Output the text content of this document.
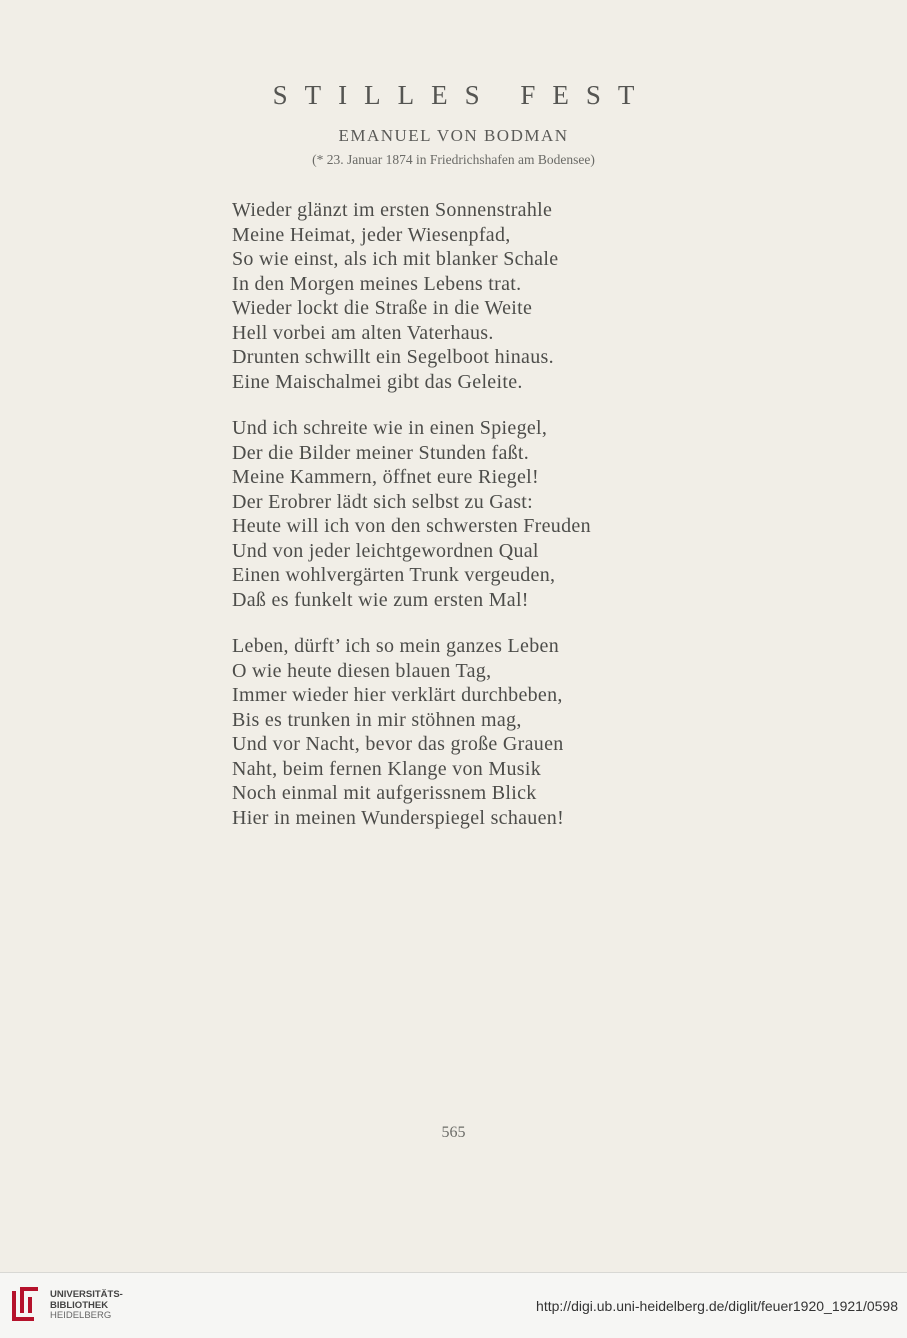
STILLES FEST
EMANUEL VON BODMAN
(* 23. Januar 1874 in Friedrichshafen am Bodensee)
Wieder glänzt im ersten Sonnenstrahle
Meine Heimat, jeder Wiesenpfad,
So wie einst, als ich mit blanker Schale
In den Morgen meines Lebens trat.
Wieder lockt die Straße in die Weite
Hell vorbei am alten Vaterhaus.
Drunten schwillt ein Segelboot hinaus.
Eine Maischalmei gibt das Geleite.
Und ich schreite wie in einen Spiegel,
Der die Bilder meiner Stunden faßt.
Meine Kammern, öffnet eure Riegel!
Der Erobrer lädt sich selbst zu Gast:
Heute will ich von den schwersten Freuden
Und von jeder leichtgewordnen Qual
Einen wohlvergärten Trunk vergeuden,
Daß es funkelt wie zum ersten Mal!
Leben, dürft’ ich so mein ganzes Leben
O wie heute diesen blauen Tag,
Immer wieder hier verklärt durchbeben,
Bis es trunken in mir stöhnen mag,
Und vor Nacht, bevor das große Grauen
Naht, beim fernen Klange von Musik
Noch einmal mit aufgerissnem Blick
Hier in meinen Wunderspiegel schauen!
565
UNIVERSITÄTS-
BIBLIOTHEK
HEIDELBERG
http://digi.ub.uni-heidelberg.de/diglit/feuer1920_1921/0598
